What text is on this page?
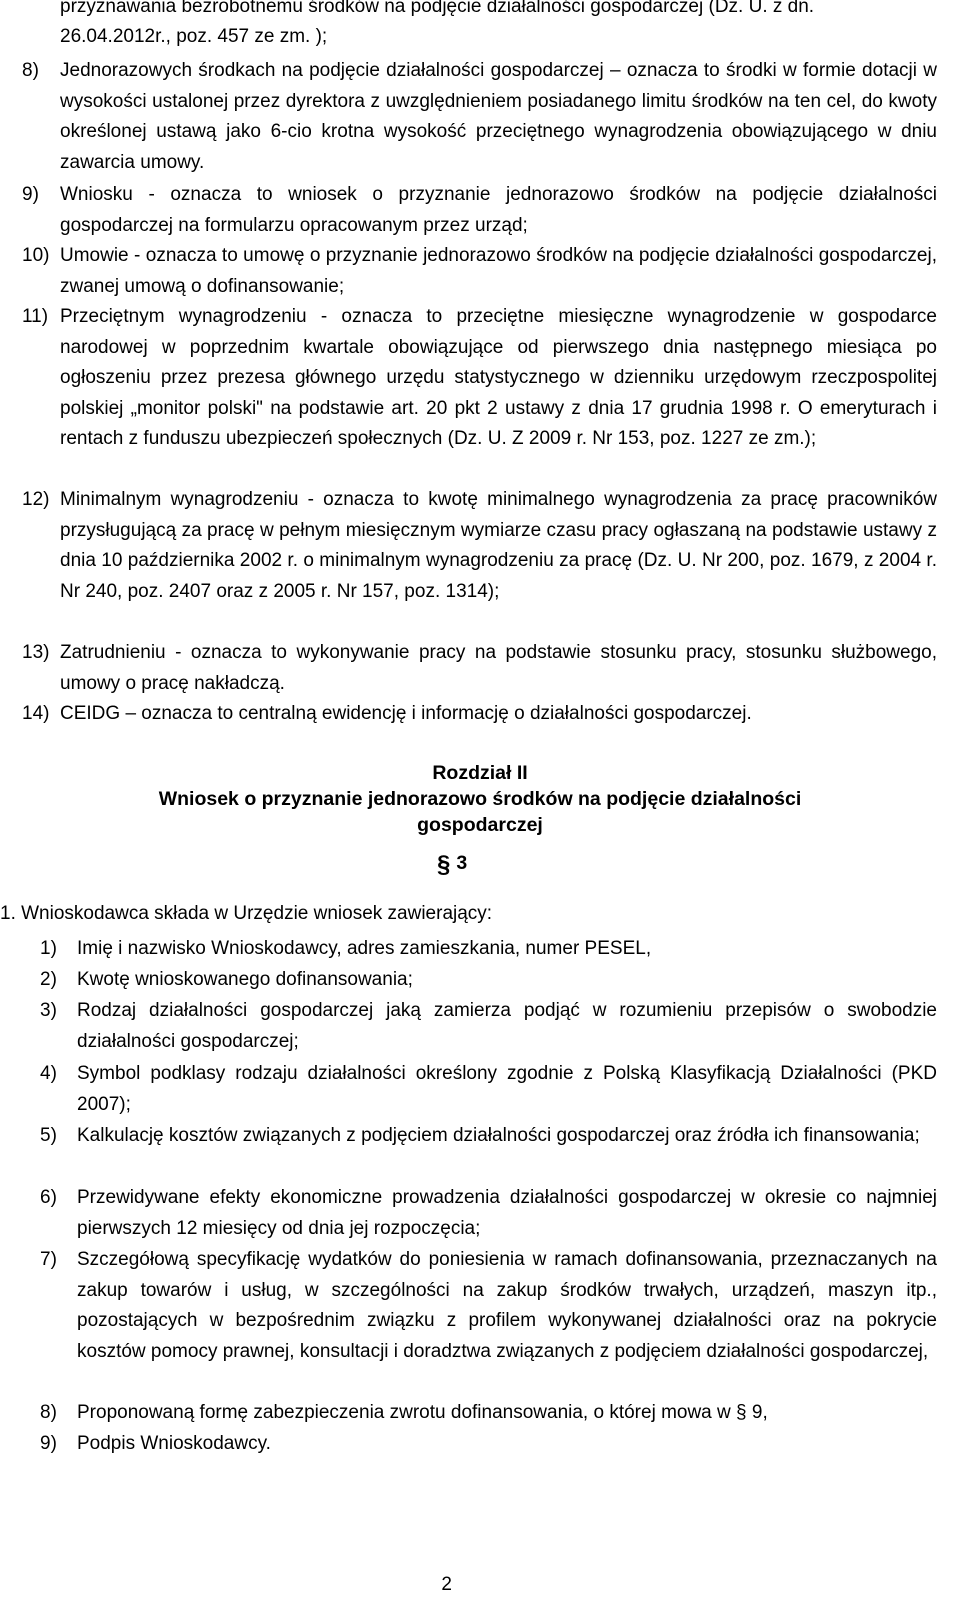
przyznawania bezrobotnemu środków na podjęcie działalności gospodarczej (Dz. U. z dn.
26.04.2012r., poz. 457 ze zm. );
8) Jednorazowych środkach na podjęcie działalności gospodarczej – oznacza to środki w formie dotacji w wysokości ustalonej przez dyrektora z uwzględnieniem posiadanego limitu środków na ten cel, do kwoty określonej ustawą jako 6-cio krotna wysokość przeciętnego wynagrodzenia obowiązującego w dniu zawarcia umowy.
9) Wniosku - oznacza to wniosek o przyznanie jednorazowo środków na podjęcie działalności gospodarczej na formularzu opracowanym przez urząd;
10) Umowie - oznacza to umowę o przyznanie jednorazowo środków na podjęcie działalności gospodarczej, zwanej umową o dofinansowanie;
11) Przeciętnym wynagrodzeniu - oznacza to przeciętne miesięczne wynagrodzenie w gospodarce narodowej w poprzednim kwartale obowiązujące od pierwszego dnia następnego miesiąca po ogłoszeniu przez prezesa głównego urzędu statystycznego w dzienniku urzędowym rzeczpospolitej polskiej „monitor polski" na podstawie art. 20 pkt 2 ustawy z dnia 17 grudnia 1998 r. O emeryturach i rentach z funduszu ubezpieczeń społecznych (Dz. U. Z 2009 r. Nr 153, poz. 1227 ze zm.);
12) Minimalnym wynagrodzeniu - oznacza to kwotę minimalnego wynagrodzenia za pracę pracowników przysługującą za pracę w pełnym miesięcznym wymiarze czasu pracy ogłaszaną na podstawie ustawy z dnia 10 października 2002 r. o minimalnym wynagrodzeniu za pracę (Dz. U. Nr 200, poz. 1679, z 2004 r. Nr 240, poz. 2407 oraz z 2005 r. Nr 157, poz. 1314);
13) Zatrudnieniu - oznacza to wykonywanie pracy na podstawie stosunku pracy, stosunku służbowego, umowy o pracę nakładczą.
14) CEIDG – oznacza to centralną ewidencję i informację o działalności gospodarczej.
Rozdział II
Wniosek o przyznanie jednorazowo środków na podjęcie działalności
gospodarczej
§ 3
1. Wnioskodawca składa w Urzędzie wniosek zawierający:
1) Imię i nazwisko Wnioskodawcy, adres zamieszkania, numer PESEL,
2) Kwotę wnioskowanego dofinansowania;
3) Rodzaj działalności gospodarczej jaką zamierza podjąć w rozumieniu przepisów o swobodzie działalności gospodarczej;
4) Symbol podklasy rodzaju działalności określony zgodnie z Polską Klasyfikacją Działalności (PKD 2007);
5) Kalkulację kosztów związanych z podjęciem działalności gospodarczej oraz źródła ich finansowania;
6) Przewidywane efekty ekonomiczne prowadzenia działalności gospodarczej w okresie co najmniej pierwszych 12 miesięcy od dnia jej rozpoczęcia;
7) Szczegółową specyfikację wydatków do poniesienia w ramach dofinansowania, przeznaczanych na zakup towarów i usług, w szczególności na zakup środków trwałych, urządzeń, maszyn itp., pozostających w bezpośrednim związku z profilem wykonywanej działalności oraz na pokrycie kosztów pomocy prawnej, konsultacji i doradztwa związanych z podjęciem działalności gospodarczej,
8) Proponowaną formę zabezpieczenia zwrotu dofinansowania, o której mowa w § 9,
9) Podpis Wnioskodawcy.
2
